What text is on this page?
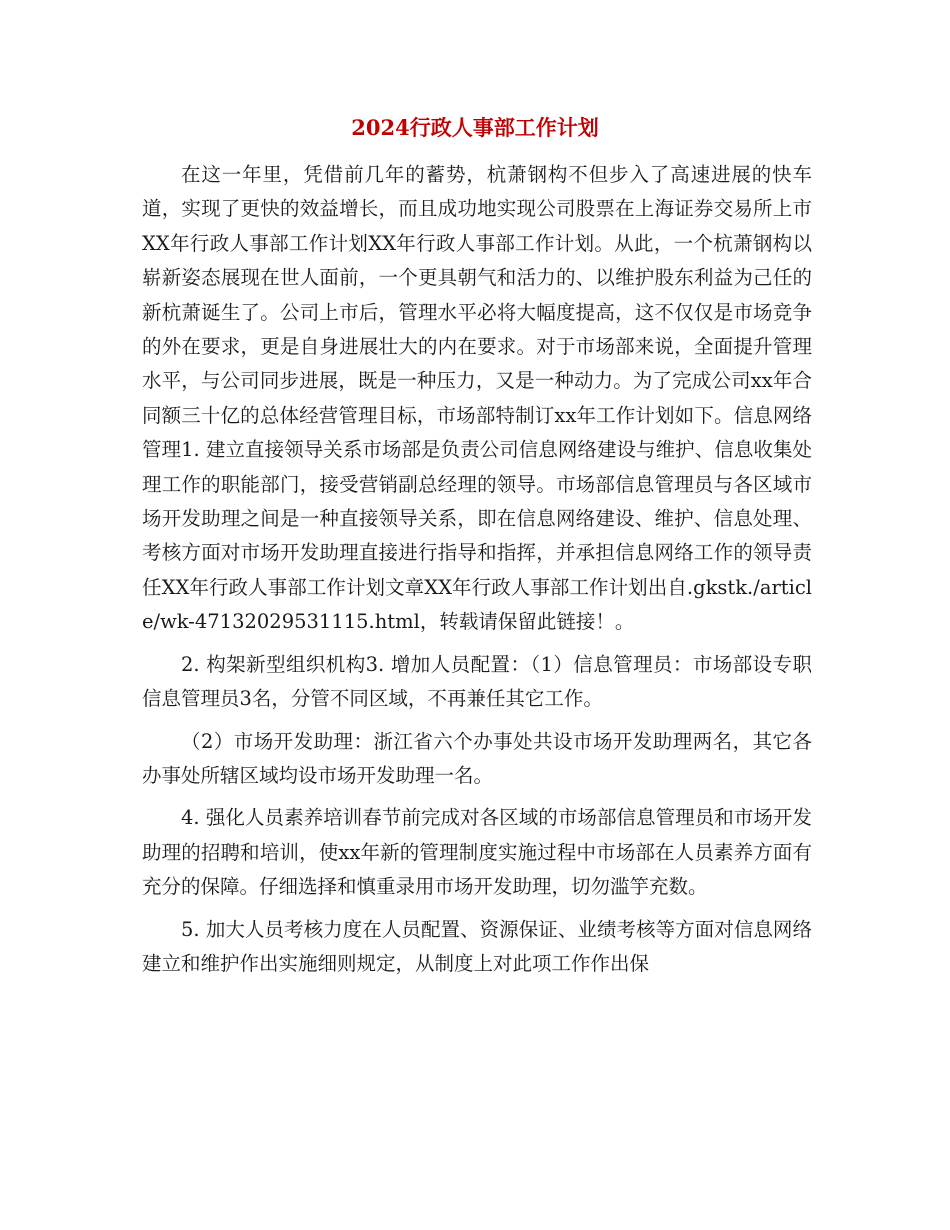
2024行政人事部工作计划

在这一年里，凭借前几年的蓄势，杭萧钢构不但步入了高速进展的快车道，实现了更快的效益增长，而且成功地实现公司股票在上海证券交易所上市XX年行政人事部工作计划XX年行政人事部工作计划。从此，一个杭萧钢构以崭新姿态展现在世人面前，一个更具朝气和活力的、以维护股东利益为己任的新杭萧诞生了。公司上市后，管理水平必将大幅度提高，这不仅仅是市场竞争的外在要求，更是自身进展壮大的内在要求。对于市场部来说，全面提升管理水平，与公司同步进展，既是一种压力，又是一种动力。为了完成公司xx年合同额三十亿的总体经营管理目标，市场部特制订xx年工作计划如下。信息网络管理1. 建立直接领导关系市场部是负责公司信息网络建设与维护、信息收集处理工作的职能部门，接受营销副总经理的领导。市场部信息管理员与各区域市场开发助理之间是一种直接领导关系，即在信息网络建设、维护、信息处理、考核方面对市场开发助理直接进行指导和指挥，并承担信息网络工作的领导责任XX年行政人事部工作计划文章XX年行政人事部工作计划出自.gkstk./article/wk-47132029531115.html，转载请保留此链接！。

2. 构架新型组织机构3. 增加人员配置：（1）信息管理员：市场部设专职信息管理员3名，分管不同区域，不再兼任其它工作。

（2）市场开发助理：浙江省六个办事处共设市场开发助理两名，其它各办事处所辖区域均设市场开发助理一名。

4. 强化人员素养培训春节前完成对各区域的市场部信息管理员和市场开发助理的招聘和培训，使xx年新的管理制度实施过程中市场部在人员素养方面有充分的保障。仔细选择和慎重录用市场开发助理，切勿滥竽充数。

5. 加大人员考核力度在人员配置、资源保证、业绩考核等方面对信息网络建立和维护作出实施细则规定，从制度上对此项工作作出保
